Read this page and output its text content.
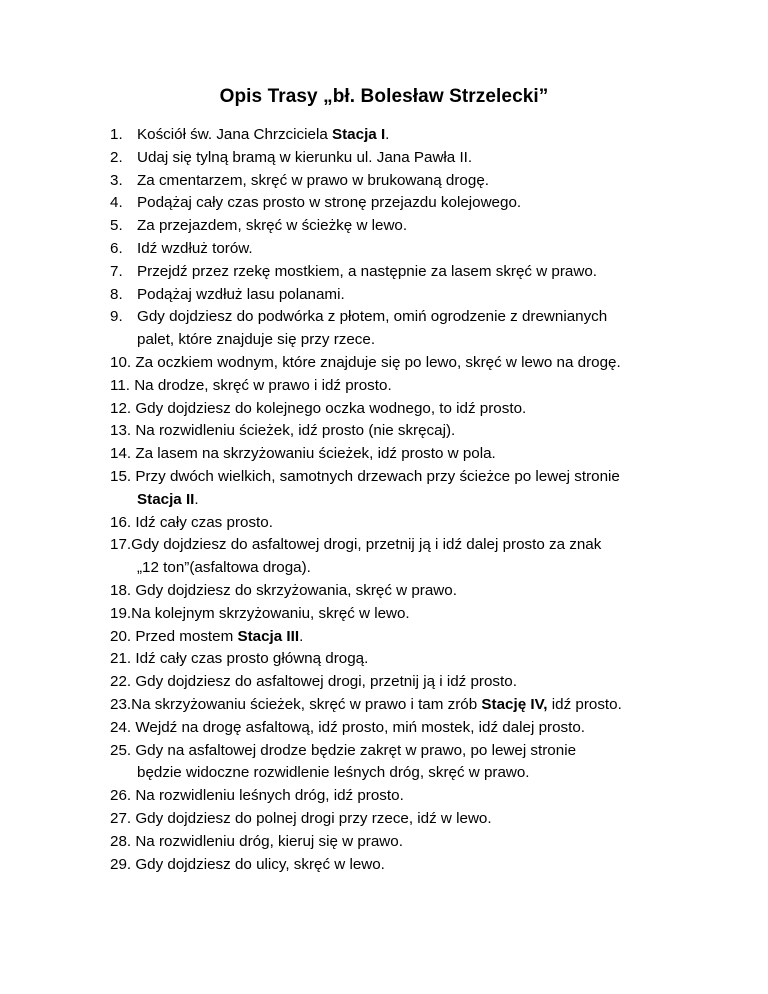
Opis Trasy „bł. Bolesław Strzelecki”
1. Kościół św. Jana Chrzciciela Stacja I.
2. Udaj się tylną bramą w kierunku ul. Jana Pawła II.
3. Za cmentarzem, skręć w prawo w brukowaną drogę.
4. Podążaj cały czas prosto w stronę przejazdu kolejowego.
5. Za przejazdem, skręć w ścieżkę w lewo.
6. Idź wzdłuż torów.
7. Przejdź przez rzekę mostkiem, a następnie za lasem skręć w prawo.
8. Podążaj wzdłuż lasu polanami.
9. Gdy dojdziesz do podwórka z płotem, omiń ogrodzenie z drewnianych
palet, które znajduje się przy rzece.
10. Za oczkiem wodnym, które znajduje się po lewo, skręć w lewo na drogę.
11. Na drodze, skręć w prawo i idź prosto.
12. Gdy dojdziesz do kolejnego oczka wodnego, to idź prosto.
13. Na rozwidleniu ścieżek, idź prosto (nie skręcaj).
14. Za lasem na skrzyżowaniu ścieżek, idź prosto w pola.
15. Przy dwóch wielkich, samotnych drzewach przy ścieżce po lewej stronie
Stacja II.
16. Idź cały czas prosto.
17. Gdy dojdziesz do asfaltowej drogi, przetnij ją i idź dalej prosto za znak
„12 ton”(asfaltowa droga).
18. Gdy dojdziesz do skrzyżowania, skręć w prawo.
19. Na kolejnym skrzyżowaniu, skręć w lewo.
20. Przed mostem Stacja III.
21. Idź cały czas prosto główną drogą.
22. Gdy dojdziesz do asfaltowej drogi, przetnij ją i idź prosto.
23. Na skrzyżowaniu ścieżek, skręć w prawo i tam zrób Stację IV, idź prosto.
24. Wejdź na drogę asfaltową, idź prosto, miń mostek, idź dalej prosto.
25. Gdy na asfaltowej drodze będzie zakręt w prawo, po lewej stronie
będzie widoczne rozwidlenie leśnych dróg, skręć w prawo.
26. Na rozwidleniu leśnych dróg, idź prosto.
27. Gdy dojdziesz do polnej drogi przy rzece, idź w lewo.
28. Na rozwidleniu dróg, kieruj się w prawo.
29. Gdy dojdziesz do ulicy, skręć w lewo.
